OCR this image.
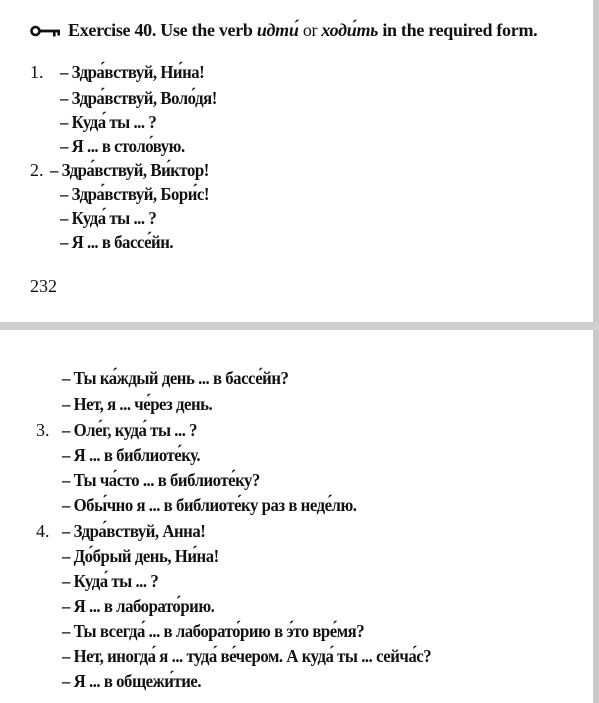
Exercise 40. Use the verb идти́ or ходи́ть in the required form.
1. – Здра́вствуй, Ни́на!
– Здра́вствуй, Воло́дя!
– Куда́ ты ... ?
– Я ... в столо́вую.
2. – Здра́вствуй, Ви́ктор!
– Здра́вствуй, Бори́с!
– Куда́ ты ... ?
– Я ... в бассе́йн.
232
– Ты ка́ждый день ... в бассе́йн?
– Нет, я ... че́рез день.
3. – Оле́г, куда́ ты ... ?
– Я ... в библиоте́ку.
– Ты ча́сто ... в библиоте́ку?
– Обы́чно я ... в библиоте́ку раз в неде́лю.
4. – Здра́вствуй, Анна!
– До́брый день, Ни́на!
– Куда́ ты ... ?
– Я ... в лаборато́рию.
– Ты всегда́ ... в лаборато́рию в э́то вре́мя?
– Нет, иногда́ я ... туда́ ве́чером. А куда́ ты ... сейча́с?
– Я ... в общежи́тие.
